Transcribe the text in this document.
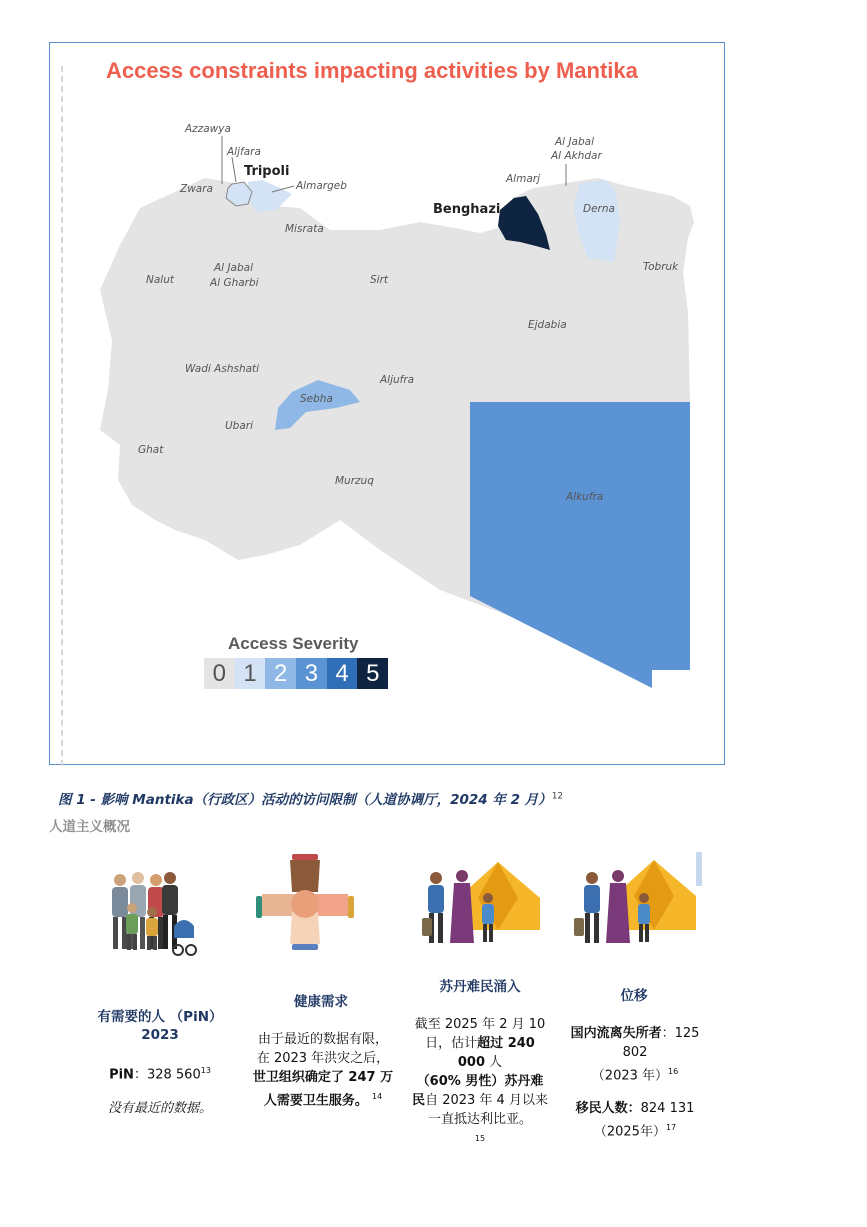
Access constraints impacting activities by Mantika
Azzawya
Aljfara
Tripoli
Almargeb
Zwara
Misrata
Almarj
Al Jabal
Al Akhdar
Benghazi	Derna
Tobruk
Nalut
Al Jabal
Al Gharbi	Sirt
Ejdabia
Wadi Ashshati
Aljufra
Sebha
Ubari
Ghat
Murzuq
Alkufra
Access Severity
0 1 2 3 4 5

图 1 - 影响 Mantika（行政区）活动的访问限制（人道协调厅，2024 年 2 月）$^{12}$

人道主义概况

有需要的人 （PiN）
2023

PiN：328 $560^{13}$

没有最近的数据。

健康需求

由于最近的数据有限，在 2023 年洪灾之后，世卫组织确定了 247 万人需要卫生服务。 $^{14}$

苏丹难民涌入

截至 2025 年 2 月 10 日，估计超过 240 000 人
（60% 男性）苏丹难民自 2023 年 4 月以来一直抵达利比亚。
$^{15}$

位移

国内流离失所者：125 802
（2023 年）$^{16}$

移民人数：824 131
（2025年）$^{17}$
